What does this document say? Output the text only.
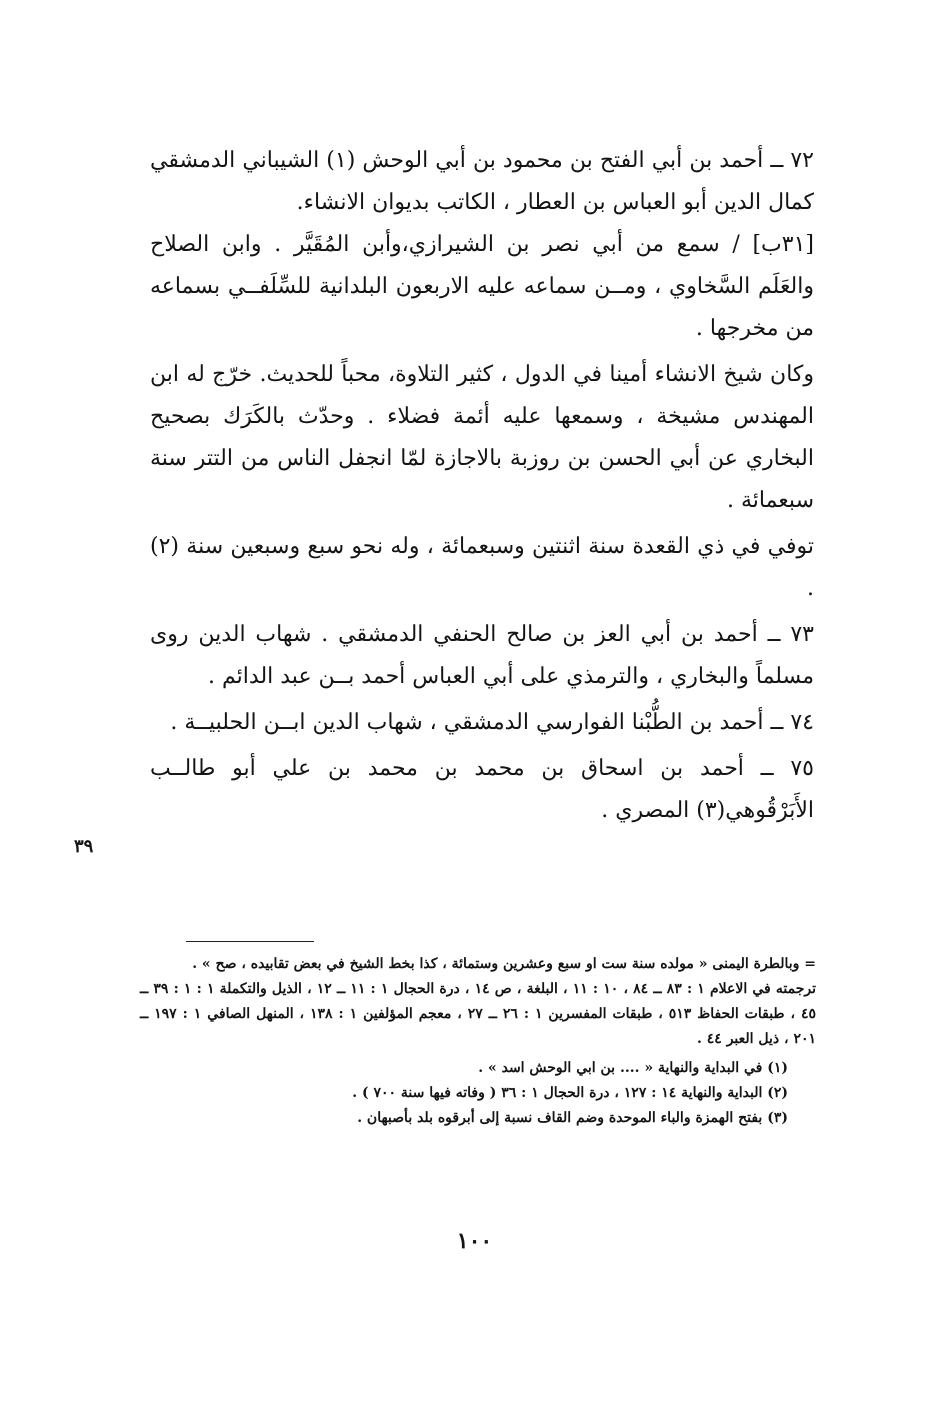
٧٢ ــ أحمد بن أبي الفتح بن محمود بن أبي الوحش (١) الشيباني الدمشقي كمال الدين أبو العباس بن العطار ، الكاتب بديوان الانشاء.

[٣١ب] / سمع من أبي نصر بن الشيرازي،وأبن المُقَيَّر . وابن الصلاح والعَلَم السَّخاوي ، ومــن سماعه عليه الاربعون البلدانية للسِّلَفــي بسماعه من مخرجها .

وكان شيخ الانشاء أمينا في الدول ، كثير التلاوة، محباً للحديث. خرّج له ابن المهندس مشيخة ، وسمعها عليه أئمة فضلاء . وحدّث بالكَرَك بصحيح البخاري عن أبي الحسن بن روزبة بالاجازة لمّا انجفل الناس من التتر سنة سبعمائة .

توفي في ذي القعدة سنة اثنتين وسبعمائة ، وله نحو سبع وسبعين سنة (٢) .

٧٣ ــ أحمد بن أبي العز بن صالح الحنفي الدمشقي . شهاب الدين روى مسلماً والبخاري ، والترمذي على أبي العباس أحمد بــن عبد الدائم .

٧٤ ــ أحمد بن الطُّبْنا الفوارسي الدمشقي ، شهاب الدين ابــن الحلبيــة .

٧٥ ــ أحمد بن اسحاق بن محمد بن محمد بن علي أبو طالــب الأَبَرْقُوهي(٣) المصري .

٣٩

= وبالطرة اليمنى « مولده سنة ست او سبع وعشرين وستمائة ، كذا بخط الشيخ في بعض تقابيده ، صح » .

ترجمته في الاعلام ١ : ٨٣ ــ ٨٤ ، ١٠ : ١١ ، البلغة ، ص ١٤ ، درة الحجال ١ : ١١ ــ ١٢ ، الذيل والتكملة ١ : ١ : ٣٩ ــ ٤٥ ، طبقات الحفاظ ٥١٣ ، طبقات المفسرين ١ : ٢٦ ــ ٢٧ ، معجم المؤلفين ١ : ١٣٨ ، المنهل الصافي ١ : ١٩٧ ــ ٢٠١ ، ذيل العبر ٤٤ .

(١) في البداية والنهاية « .... بن ابي الوحش اسد » .

(٢) البداية والنهاية ١٤ : ١٢٧ ، درة الحجال ١ : ٣٦ ( وفاته فيها سنة ٧٠٠ ) .

(٣) بفتح الهمزة والباء الموحدة وضم القاف نسبة إلى أبرقوه بلد بأصبهان .

١٠٠
